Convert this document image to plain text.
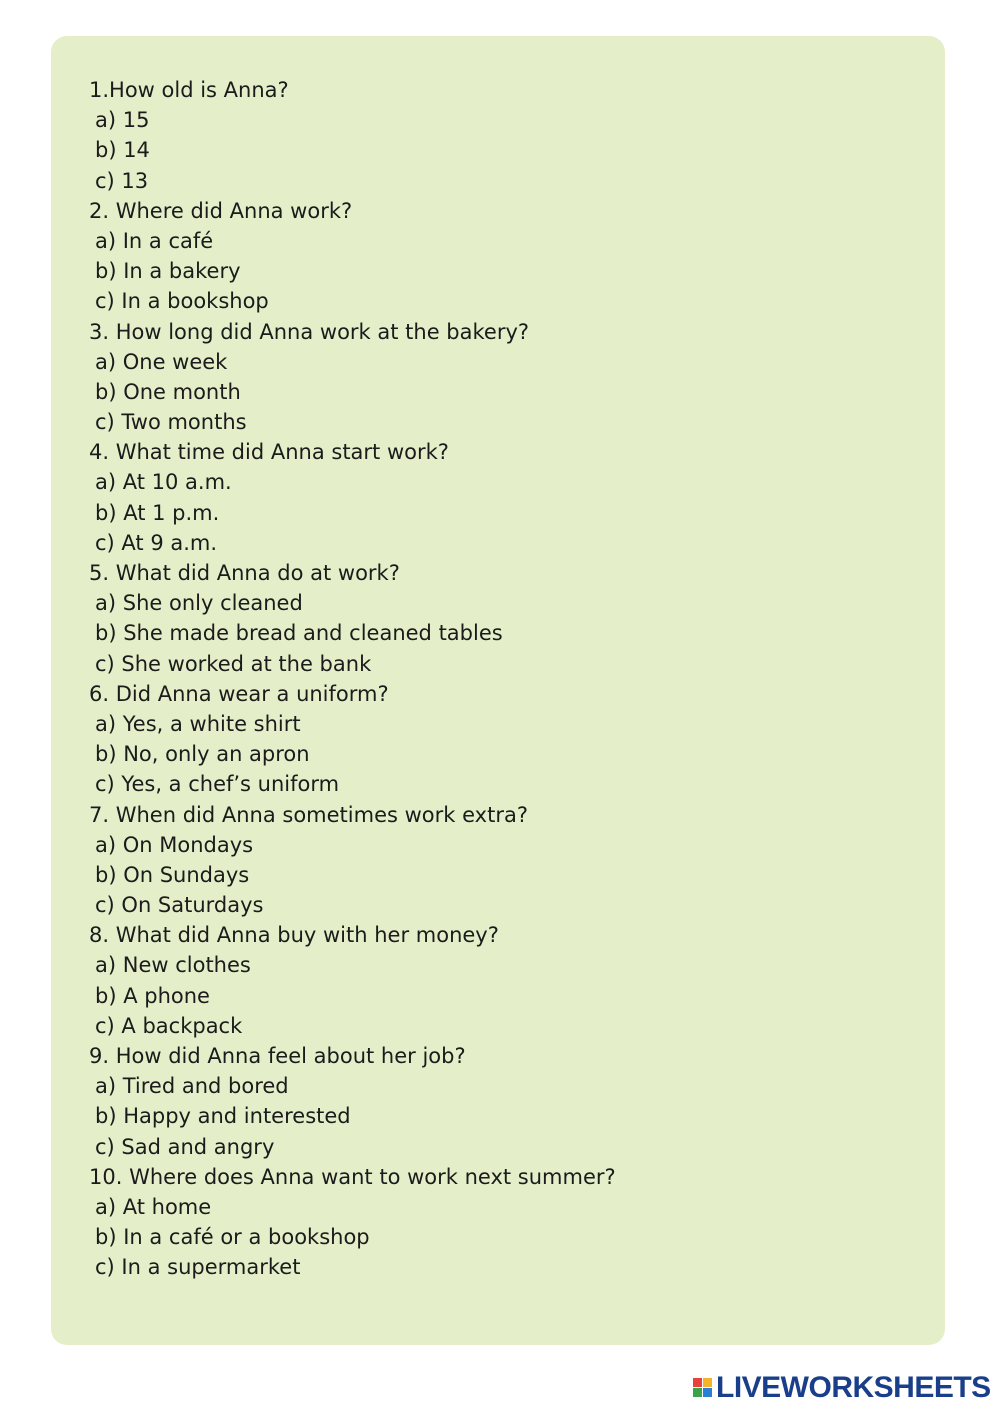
1.How old is Anna?
a) 15
b) 14
c) 13
2. Where did Anna work?
a) In a café
b) In a bakery
c) In a bookshop
3. How long did Anna work at the bakery?
a) One week
b) One month
c) Two months
4. What time did Anna start work?
a) At 10 a.m.
b) At 1 p.m.
c) At 9 a.m.
5. What did Anna do at work?
a) She only cleaned
b) She made bread and cleaned tables
c) She worked at the bank
6. Did Anna wear a uniform?
a) Yes, a white shirt
b) No, only an apron
c) Yes, a chef’s uniform
7. When did Anna sometimes work extra?
a) On Mondays
b) On Sundays
c) On Saturdays
8. What did Anna buy with her money?
a) New clothes
b) A phone
c) A backpack
9. How did Anna feel about her job?
a) Tired and bored
b) Happy and interested
c) Sad and angry
10. Where does Anna want to work next summer?
a) At home
b) In a café or a bookshop
c) In a supermarket
LIVEWORKSHEETS
